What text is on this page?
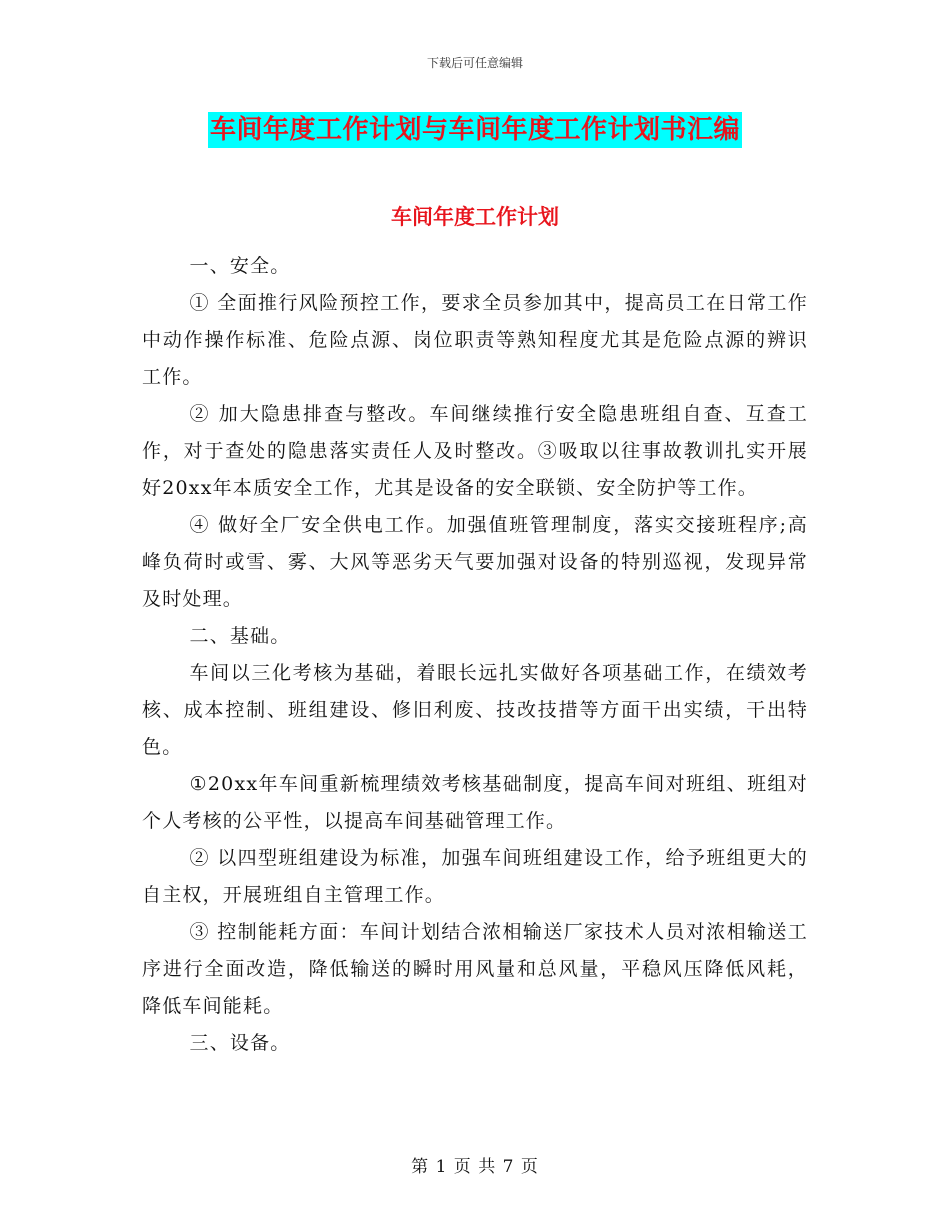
下载后可任意编辑
车间年度工作计划与车间年度工作计划书汇编
车间年度工作计划

一、安全。

① 全面推行风险预控工作，要求全员参加其中，提高员工在日常工作中动作操作标准、危险点源、岗位职责等熟知程度尤其是危险点源的辨识工作。

② 加大隐患排查与整改。车间继续推行安全隐患班组自查、互查工作，对于查处的隐患落实责任人及时整改。③吸取以往事故教训扎实开展好20xx年本质安全工作，尤其是设备的安全联锁、安全防护等工作。

④ 做好全厂安全供电工作。加强值班管理制度，落实交接班程序;高峰负荷时或雪、雾、大风等恶劣天气要加强对设备的特别巡视，发现异常及时处理。

二、基础。

车间以三化考核为基础，着眼长远扎实做好各项基础工作，在绩效考核、成本控制、班组建设、修旧利废、技改技措等方面干出实绩，干出特色。

①20xx年车间重新梳理绩效考核基础制度，提高车间对班组、班组对个人考核的公平性，以提高车间基础管理工作。

② 以四型班组建设为标准，加强车间班组建设工作，给予班组更大的自主权，开展班组自主管理工作。

③ 控制能耗方面：车间计划结合浓相输送厂家技术人员对浓相输送工序进行全面改造，降低输送的瞬时用风量和总风量，平稳风压降低风耗，降低车间能耗。

三、设备。

第 1 页 共 7 页
